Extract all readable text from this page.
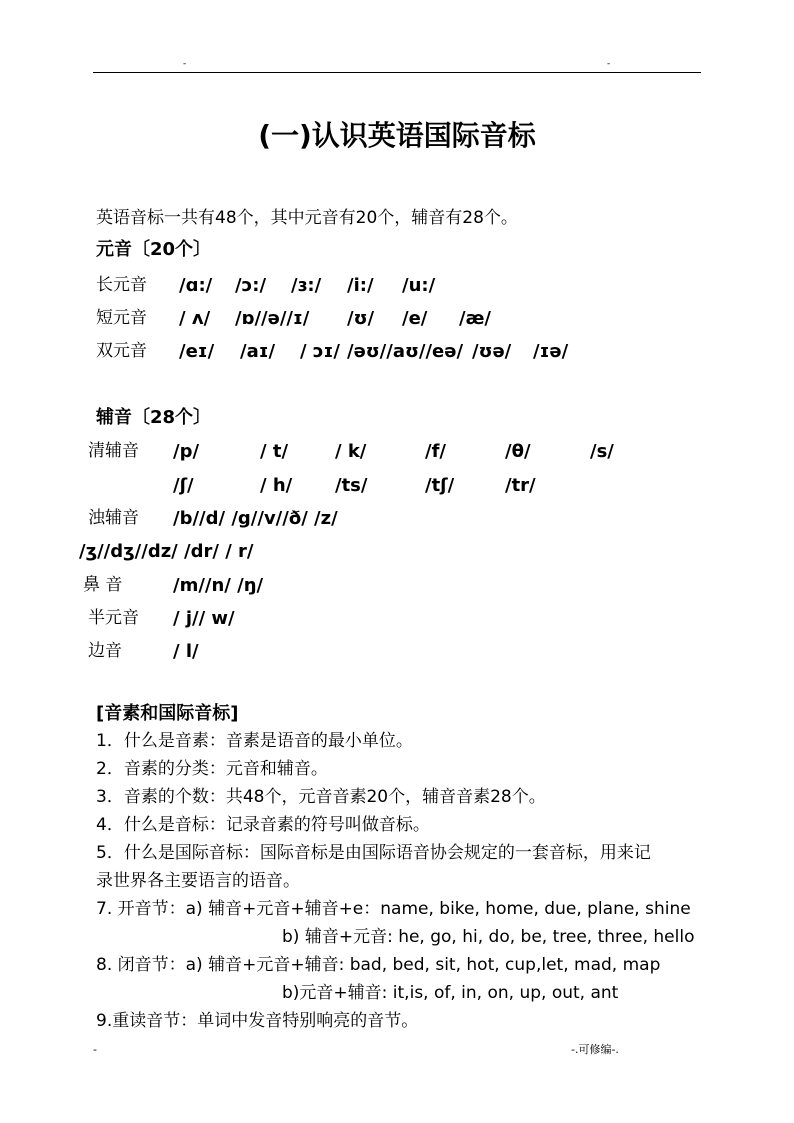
-	-
(一)认识英语国际音标
英语音标一共有48个，其中元音有20个，辅音有28个。
元音〔20个〕
长元音 /ɑ:/ /ɔ:/ /ɜ:/ /i:/ /u:/
短元音 / ʌ/ /ɒ//ə//ɪ/ /ʊ/ /e/ /æ/
双元音 /eɪ/ /aɪ/ / ɔɪ/ /əʊ//aʊ//eə/ /ʊə/ /ɪə/
辅音〔28个〕
清辅音 /p/	/ t/	/ k/	/f/	/θ/	/s/
/ʃ/	/ h/ /ts/	/tʃ/	/tr/
浊辅音 /b//d/ /g//v//ð/ /z/
/ʒ//dʒ//dz/ /dr/ / r/
鼻 音	/m//n/ /ŋ/
半元音 / j// w/
边音	/ l/
[音素和国际音标]
1．什么是音素：音素是语音的最小单位。
2．音素的分类：元音和辅音。
3．音素的个数：共48个，元音音素20个，辅音音素28个。
4．什么是音标：记录音素的符号叫做音标。
5．什么是国际音标：国际音标是由国际语音协会规定的一套音标，用来记
录世界各主要语言的语音。
7. 开音节：a) 辅音+元音+辅音+e：name, bike, home, due, plane, shine
b) 辅音+元音: he, go, hi, do, be, tree, three, hello
8. 闭音节：a) 辅音+元音+辅音: bad, bed, sit, hot, cup,let, mad, map
b)元音+辅音: it,is, of, in, on, up, out, ant
9.重读音节：单词中发音特别响亮的音节。
-	-.可修编-.
